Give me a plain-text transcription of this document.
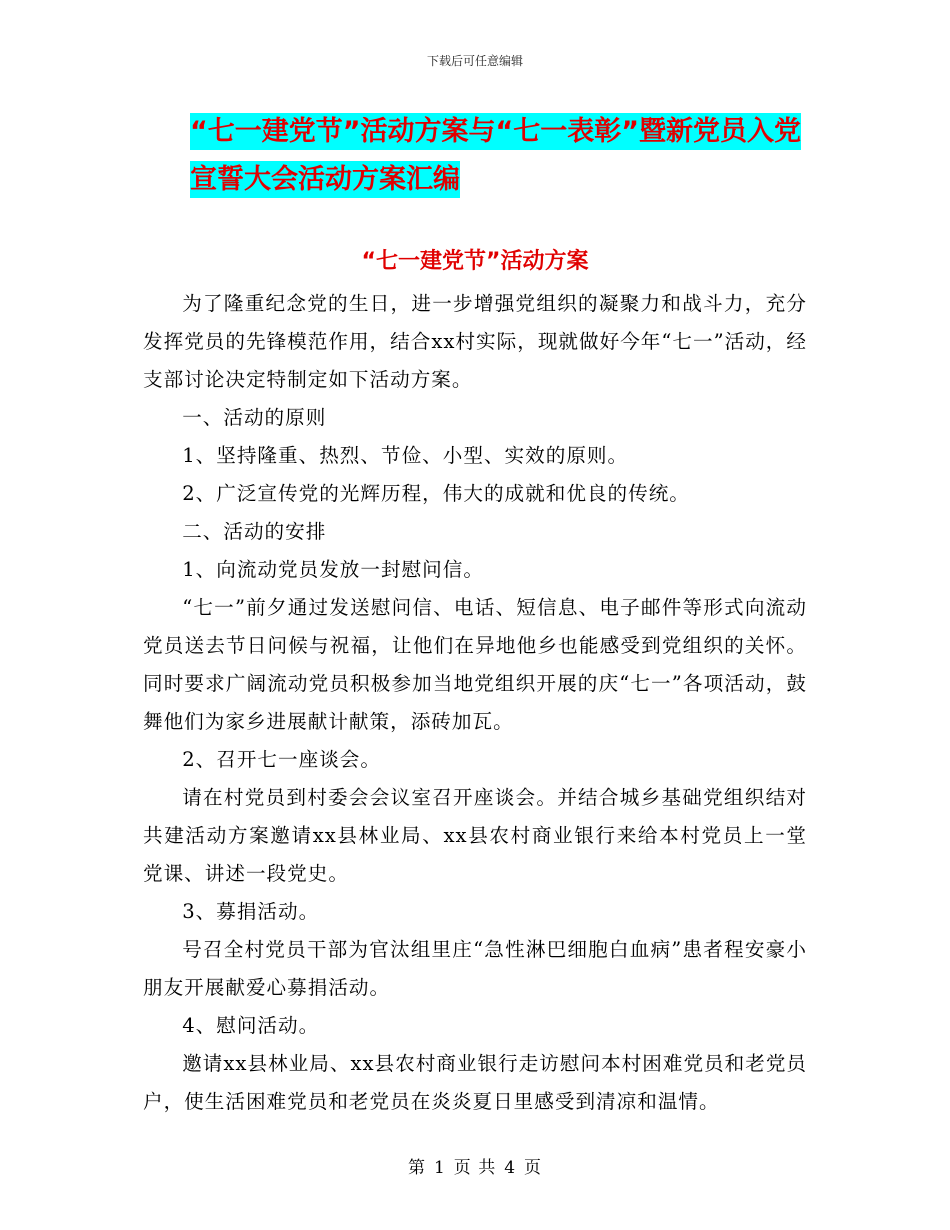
下载后可任意编辑
“七一建党节”活动方案与“七一表彰”暨新党员入党宣誓大会活动方案汇编
“七一建党节”活动方案

为了隆重纪念党的生日，进一步增强党组织的凝聚力和战斗力，充分发挥党员的先锋模范作用，结合xx村实际，现就做好今年“七一”活动，经支部讨论决定特制定如下活动方案。

一、活动的原则

1、坚持隆重、热烈、节俭、小型、实效的原则。

2、广泛宣传党的光辉历程，伟大的成就和优良的传统。

二、活动的安排

1、向流动党员发放一封慰问信。

“七一”前夕通过发送慰问信、电话、短信息、电子邮件等形式向流动党员送去节日问候与祝福，让他们在异地他乡也能感受到党组织的关怀。同时要求广阔流动党员积极参加当地党组织开展的庆“七一”各项活动，鼓舞他们为家乡进展献计献策，添砖加瓦。

2、召开七一座谈会。

请在村党员到村委会会议室召开座谈会。并结合城乡基础党组织结对共建活动方案邀请xx县林业局、xx县农村商业银行来给本村党员上一堂党课、讲述一段党史。

3、募捐活动。

号召全村党员干部为官汰组里庄“急性淋巴细胞白血病”患者程安豪小朋友开展献爱心募捐活动。

4、慰问活动。

邀请xx县林业局、xx县农村商业银行走访慰问本村困难党员和老党员户，使生活困难党员和老党员在炎炎夏日里感受到清凉和温情。

第 1 页 共 4 页
